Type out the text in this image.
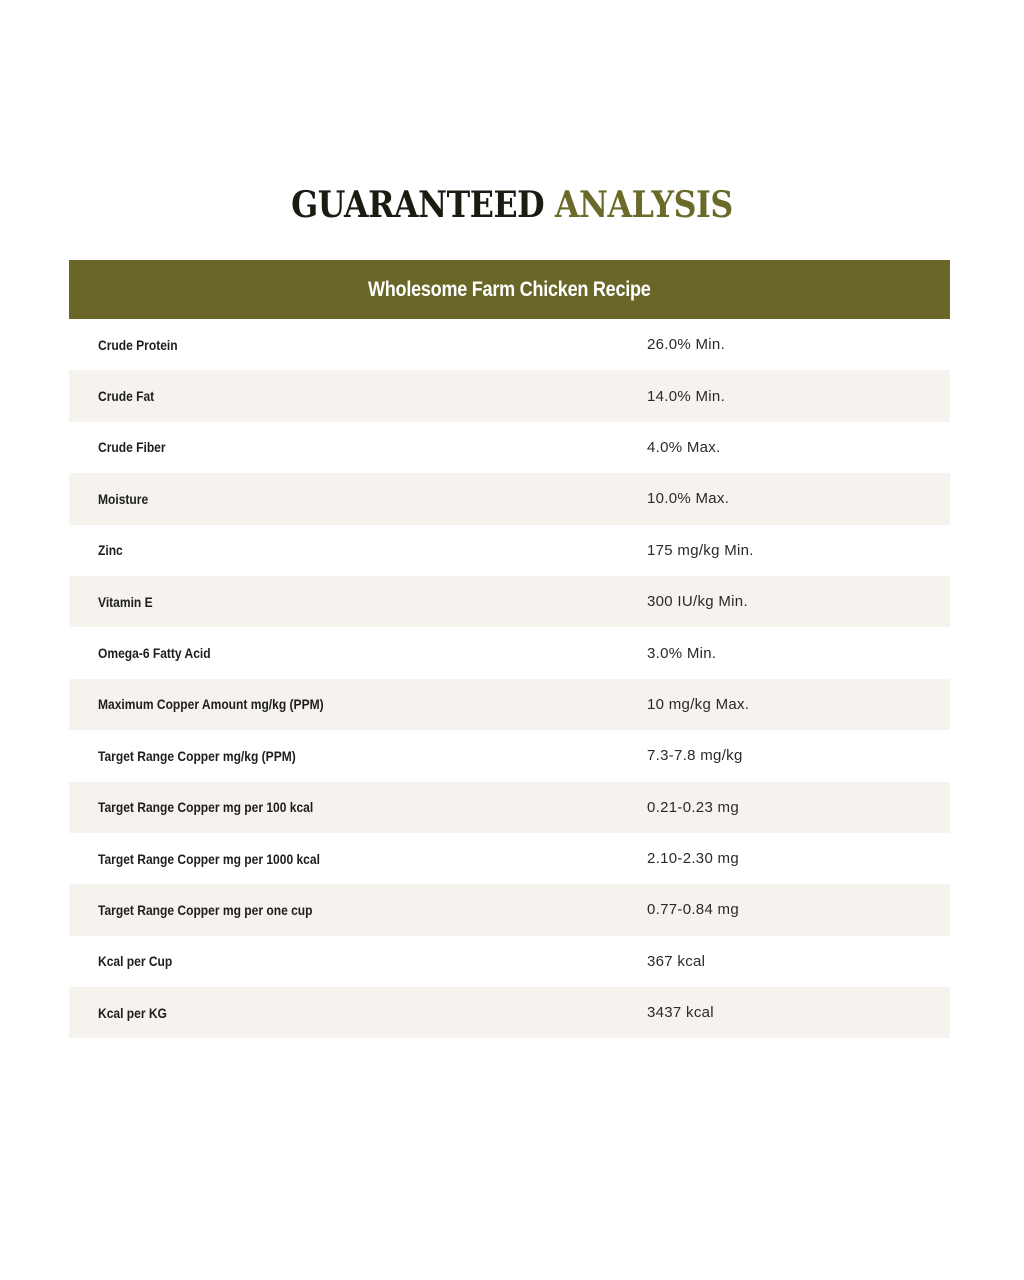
GUARANTEED ANALYSIS
Wholesome Farm Chicken Recipe
Crude Protein	26.0% Min.
Crude Fat	14.0% Min.
Crude Fiber	4.0% Max.
Moisture	10.0% Max.
Zinc	175 mg/kg Min.
Vitamin E	300 IU/kg Min.
Omega-6 Fatty Acid	3.0% Min.
Maximum Copper Amount mg/kg (PPM)	10 mg/kg Max.
Target Range Copper mg/kg (PPM)	7.3-7.8 mg/kg
Target Range Copper mg per 100 kcal	0.21-0.23 mg
Target Range Copper mg per 1000 kcal	2.10-2.30 mg
Target Range Copper mg per one cup	0.77-0.84 mg
Kcal per Cup	367 kcal
Kcal per KG	3437 kcal
